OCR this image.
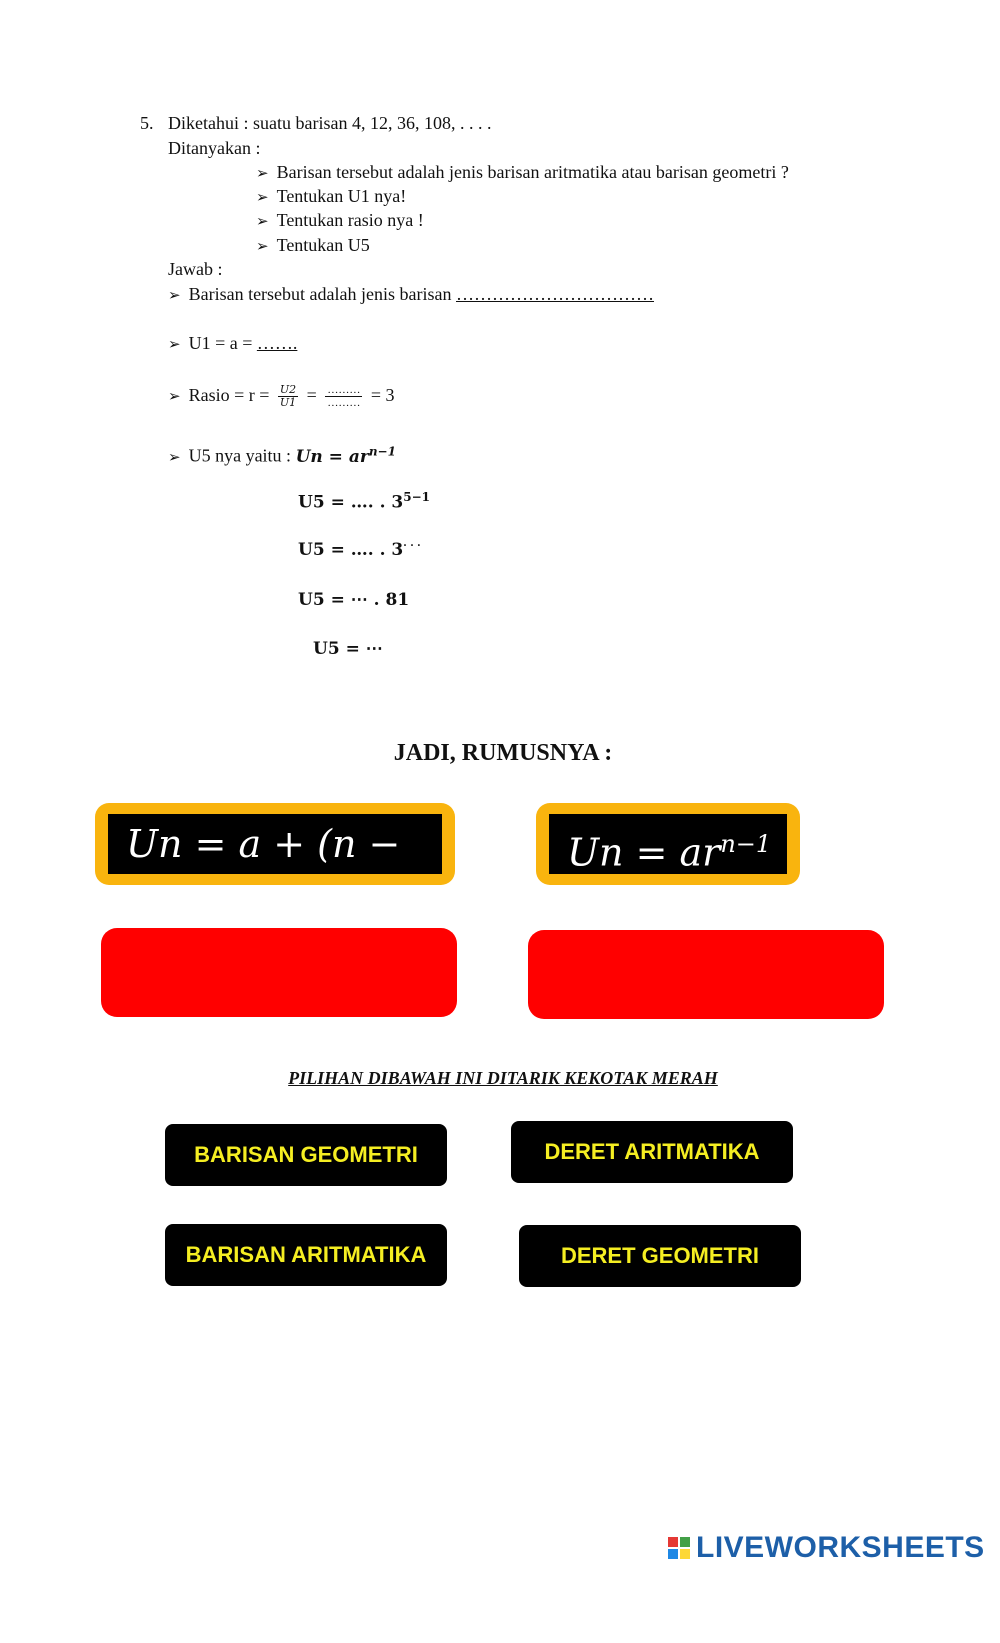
5. Diketahui : suatu barisan 4, 12, 36, 108, . . . .
Ditanyakan :
➢ Barisan tersebut adalah jenis barisan aritmatika atau barisan geometri ?
➢ Tentukan U1 nya!
➢ Tentukan rasio nya !
➢ Tentukan U5
Jawab :
➢ Barisan tersebut adalah jenis barisan ……………………………
➢ U1 = a = …….
➢ Rasio = $r = \frac{U2}{U1} = \frac{\dots\dots\dots}{\dots\dots\dots} = 3$
➢ U5 nya yaitu : $Un = ar^{n-1}$
U5 = …. . $3^{5-1}$
U5 = …. . 3· · ·
U5 = ⋯ . 81
U5 = ⋯
JADI, RUMUSNYA :
Un = a + (n − 1)b
$Un = ar^{n-1}$
PILIHAN DIBAWAH INI DITARIK KEKOTAK MERAH
BARISAN GEOMETRI	DERET ARITMATIKA
BARISAN ARITMATIKA	DERET GEOMETRI
LIVEWORKSHEETS
